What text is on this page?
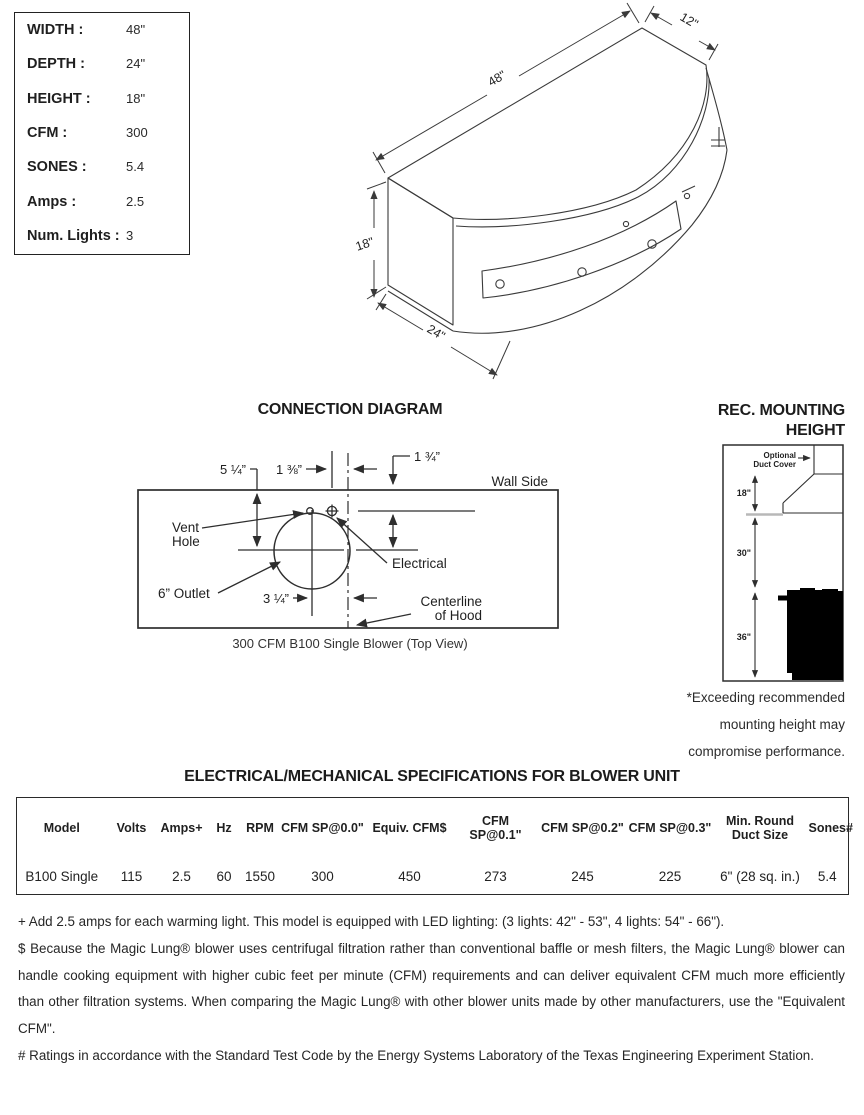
WIDTH :	48"
DEPTH :	24"
HEIGHT :	18"
CFM :	300
SONES :	5.4
Amps :	2.5
Num. Lights : 3
48"
12"
18"
24"
CONNECTION DIAGRAM
Wall Side
5 ¼” 1 ⅜”
1 ¾”
3 ¼”
Vent
Hole
Electrical
6” Outlet
Centerline
of Hood
300 CFM B100 Single Blower (Top View)
REC. MOUNTING
HEIGHT
Optional
Duct Cover
18"
30"
36"
*Exceeding recommended
mounting height may
compromise performance.
ELECTRICAL/MECHANICAL SPECIFICATIONS FOR BLOWER UNIT
Model	Volts	Amps+	Hz	RPM	CFM SP@0.0"	Equiv. CFM$	CFM SP@0.1"	CFM SP@0.2"	CFM SP@0.3"	Min. Round Duct Size	Sones#
B100 Single	115	2.5	60	1550	300	450	273	245	225	6" (28 sq. in.)	5.4

+ Add 2.5 amps for each warming light. This model is equipped with LED lighting: (3 lights: 42" - 53", 4 lights: 54" - 66").

$ Because the Magic Lung® blower uses centrifugal filtration rather than conventional baffle or mesh filters, the Magic Lung® blower can handle cooking equipment with higher cubic feet per minute (CFM) requirements and can deliver equivalent CFM much more efficiently than other filtration systems. When comparing the Magic Lung® with other blower units made by other manufacturers, use the "Equivalent CFM".

# Ratings in accordance with the Standard Test Code by the Energy Systems Laboratory of the Texas Engineering Experiment Station.
